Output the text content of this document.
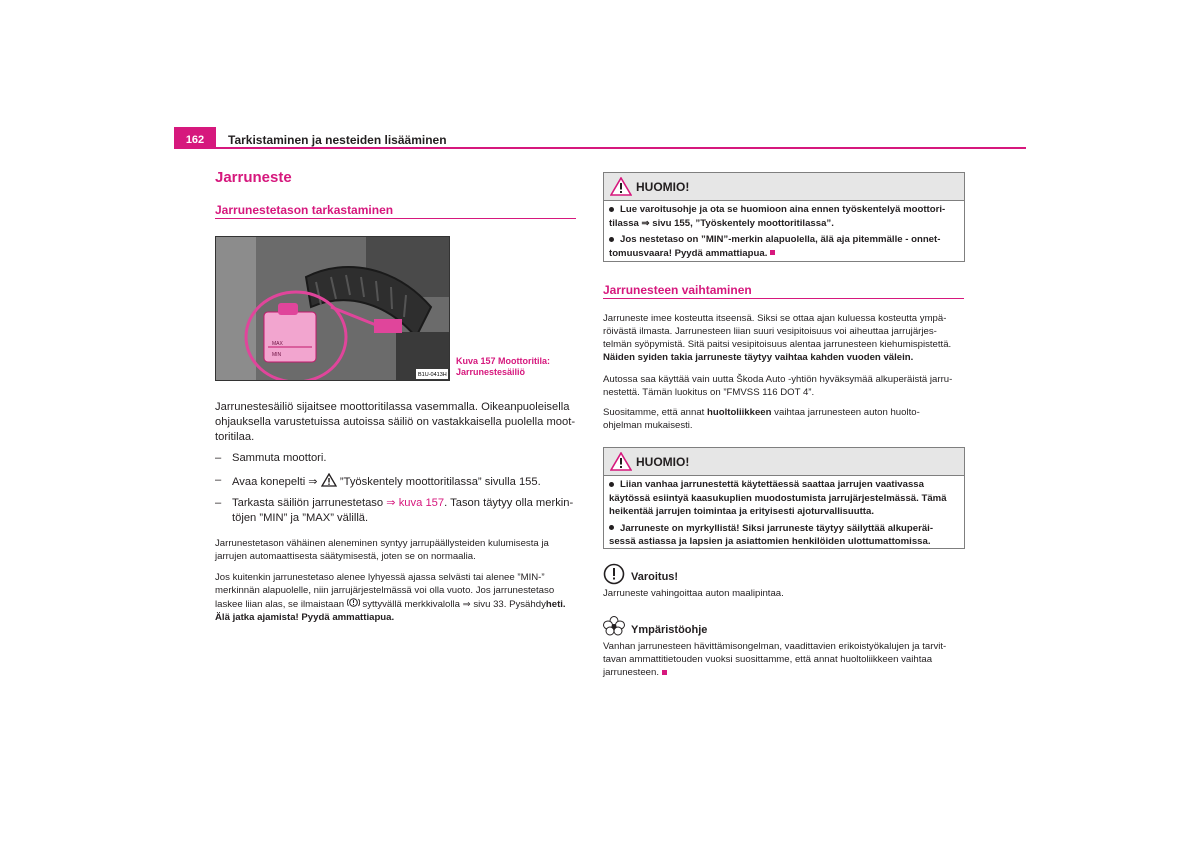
162	Tarkistaminen ja nesteiden lisääminen
Jarruneste
Jarrunestetason tarkastaminen
MAX
MIN
B1U-0413H
Kuva 157 Moottoritila:
Jarrunestesäiliö
Jarrunestesäiliö sijaitsee moottoritilassa vasemmalla. Oikeanpuoleisella
ohjauksella varustetuissa autoissa säiliö on vastakkaisella puolella moot-
toritilaa.
– Sammuta moottori.
– Avaa konepelti ⇒ ”Työskentely moottoritilassa” sivulla 155.
– Tarkasta säiliön jarrunestetaso ⇒ kuva 157. Tason täytyy olla merkin-
töjen ”MIN” ja ”MAX” välillä.
Jarrunestetason vähäinen aleneminen syntyy jarrupäällysteiden kulumisesta ja
jarrujen automaattisesta säätymisestä, joten se on normaalia.
Jos kuitenkin jarrunestetaso alenee lyhyessä ajassa selvästi tai alenee ”MIN-”
merkinnän alapuolelle, niin jarrujärjestelmässä voi olla vuoto. Jos jarrunestetaso
laskee liian alas, se ilmaistaan syttyvällä merkkivalolla ⇒ sivu 33. Pysähdyheti.
Älä jatka ajamista! Pyydä ammattiapua.
HUOMIO!
Lue varoitusohje ja ota se huomioon aina ennen työskentelyä moottori-
tilassa ⇒ sivu 155, ”Työskentely moottoritilassa”.
Jos nestetaso on ”MIN”-merkin alapuolella, älä aja pitemmälle - onnet-
tomuusvaara! Pyydä ammattiapua.
Jarrunesteen vaihtaminen
Jarruneste imee kosteutta itseensä. Siksi se ottaa ajan kuluessa kosteutta ympä-
röivästä ilmasta. Jarrunesteen liian suuri vesipitoisuus voi aiheuttaa jarrujärjes-
telmän syöpymistä. Sitä paitsi vesipitoisuus alentaa jarrunesteen kiehumispistettä.
Näiden syiden takia jarruneste täytyy vaihtaa kahden vuoden välein.
Autossa saa käyttää vain uutta Škoda Auto -yhtiön hyväksymää alkuperäistä jarru-
nestettä. Tämän luokitus on ”FMVSS 116 DOT 4”.
Suositamme, että annat huoltoliikkeen vaihtaa jarrunesteen auton huolto-
ohjelman mukaisesti.
HUOMIO!
Liian vanhaa jarrunestettä käytettäessä saattaa jarrujen vaativassa
käytössä esiintyä kaasukuplien muodostumista jarrujärjestelmässä. Tämä
heikentää jarrujen toimintaa ja erityisesti ajoturvallisuutta.
Jarruneste on myrkyllistä! Siksi jarruneste täytyy säilyttää alkuperäi-
sessä astiassa ja lapsien ja asiattomien henkilöiden ulottumattomissa.
Varoitus!
Jarruneste vahingoittaa auton maalipintaa.
Ympäristöohje
Vanhan jarrunesteen hävittämisongelman, vaadittavien erikoistyökalujen ja tarvit-
tavan ammattitietouden vuoksi suosittamme, että annat huoltoliikkeen vaihtaa
jarrunesteen.
